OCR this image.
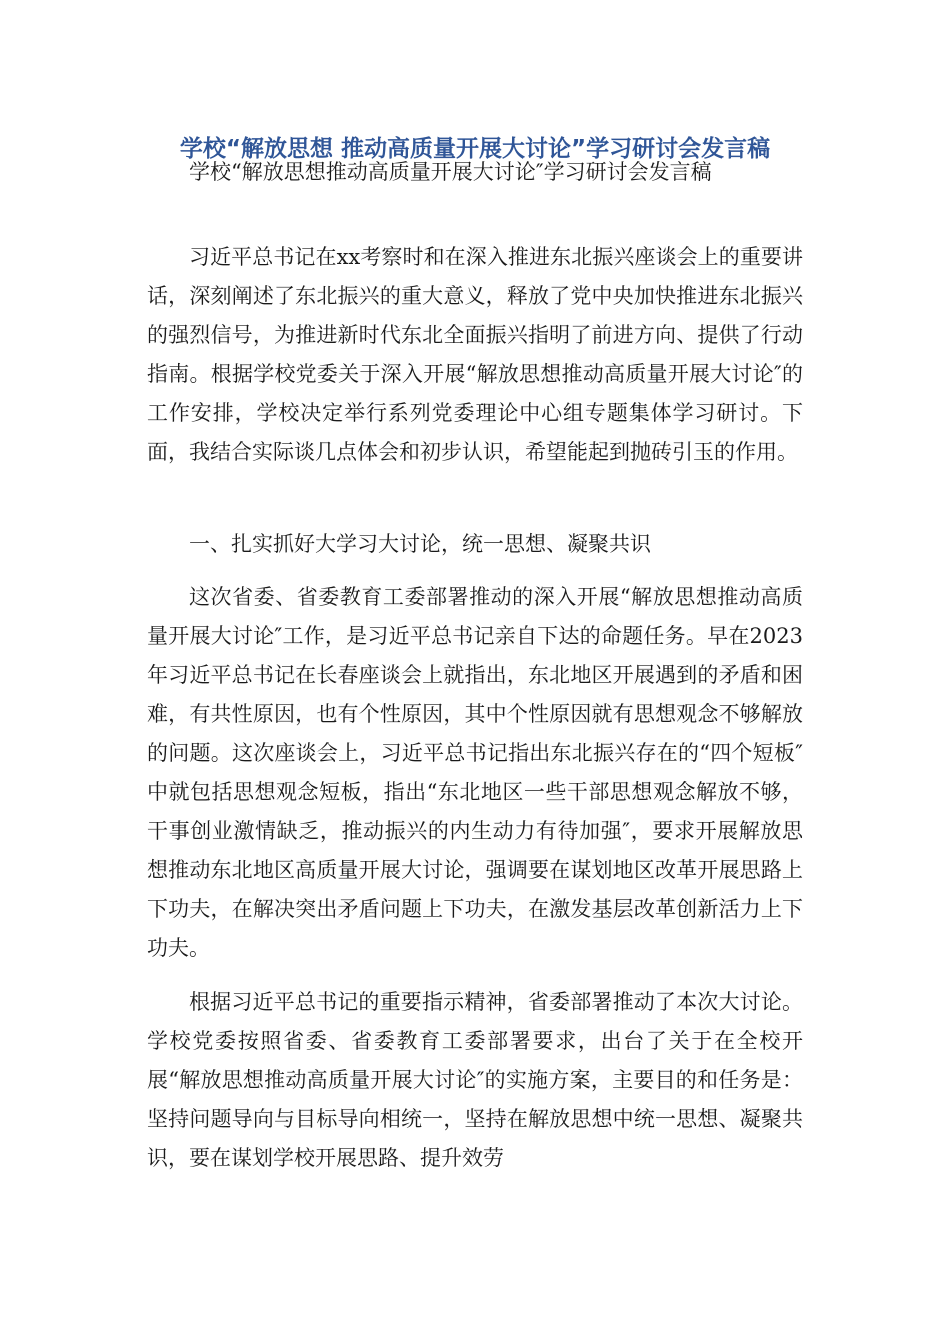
学校“解放思想 推动高质量开展大讨论”学习研讨会发言稿

学校“解放思想推动高质量开展大讨论″学习研讨会发言稿

习近平总书记在xx考察时和在深入推进东北振兴座谈会上的重要讲话，深刻阐述了东北振兴的重大意义，释放了党中央加快推进东北振兴的强烈信号，为推进新时代东北全面振兴指明了前进方向、提供了行动指南。根据学校党委关于深入开展“解放思想推动高质量开展大讨论″的工作安排，学校决定举行系列党委理论中心组专题集体学习研讨。下面，我结合实际谈几点体会和初步认识，希望能起到抛砖引玉的作用。

一、扎实抓好大学习大讨论，统一思想、凝聚共识

这次省委、省委教育工委部署推动的深入开展“解放思想推动高质量开展大讨论″工作，是习近平总书记亲自下达的命题任务。早在2023年习近平总书记在长春座谈会上就指出，东北地区开展遇到的矛盾和困难，有共性原因，也有个性原因，其中个性原因就有思想观念不够解放的问题。这次座谈会上，习近平总书记指出东北振兴存在的“四个短板″中就包括思想观念短板，指出“东北地区一些干部思想观念解放不够，干事创业激情缺乏，推动振兴的内生动力有待加强″，要求开展解放思想推动东北地区高质量开展大讨论，强调要在谋划地区改革开展思路上下功夫，在解决突出矛盾问题上下功夫，在激发基层改革创新活力上下功夫。

根据习近平总书记的重要指示精神，省委部署推动了本次大讨论。学校党委按照省委、省委教育工委部署要求，出台了关于在全校开展“解放思想推动高质量开展大讨论″的实施方案，主要目的和任务是：坚持问题导向与目标导向相统一，坚持在解放思想中统一思想、凝聚共识，要在谋划学校开展思路、提升效劳
